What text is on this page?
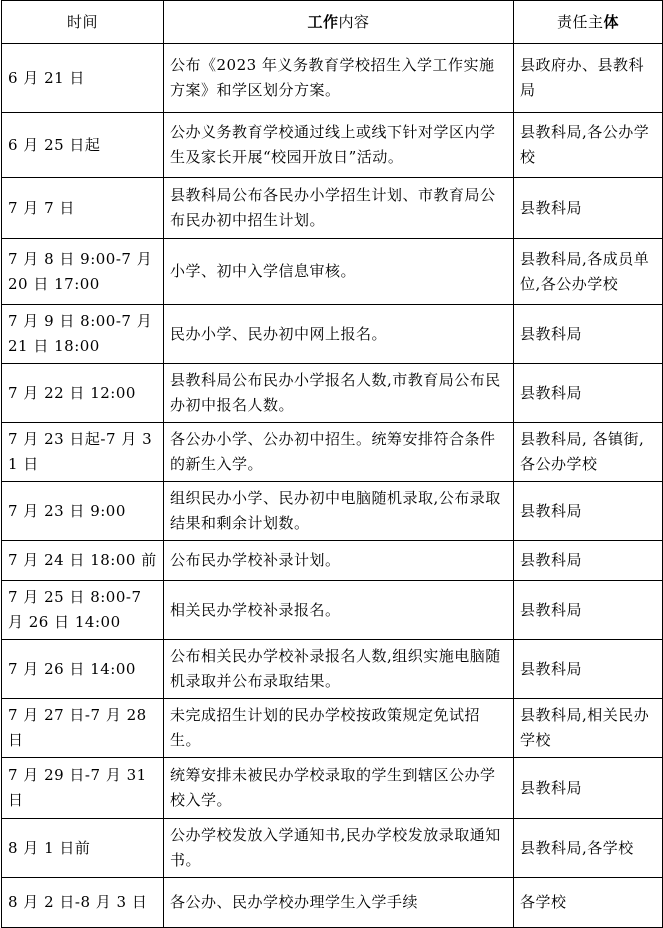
时间	工作内容	责任主体
6 月 21 日	公布《2023 年义务教育学校招生入学工作实施方案》和学区划分方案。	县政府办、县教科局
6 月 25 日起	公办义务教育学校通过线上或线下针对学区内学生及家长开展“校园开放日”活动。	县教科局,各公办学校
7 月 7 日	县教科局公布各民办小学招生计划、市教育局公布民办初中招生计划。	县教科局
7 月 8 日 9:00-7 月 20 日 17:00	小学、初中入学信息审核。	县教科局,各成员单位,各公办学校
7 月 9 日 8:00-7 月 21 日 18:00	民办小学、民办初中网上报名。	县教科局
7 月 22 日 12:00	县教科局公布民办小学报名人数,市教育局公布民办初中报名人数。	县教科局
7 月 23 日起-7 月 31 日	各公办小学、公办初中招生。统筹安排符合条件的新生入学。	县教科局, 各镇街, 各公办学校
7 月 23 日 9:00	组织民办小学、民办初中电脑随机录取,公布录取结果和剩余计划数。	县教科局
7 月 24 日 18:00 前	公布民办学校补录计划。	县教科局
7 月 25 日 8:00-7 月 26 日 14:00	相关民办学校补录报名。	县教科局
7 月 26 日 14:00	公布相关民办学校补录报名人数,组织实施电脑随机录取并公布录取结果。	县教科局
7 月 27 日-7 月 28 日	未完成招生计划的民办学校按政策规定免试招生。	县教科局,相关民办学校
7 月 29 日-7 月 31 日	统筹安排未被民办学校录取的学生到辖区公办学校入学。	县教科局
8 月 1 日前	公办学校发放入学通知书,民办学校发放录取通知书。	县教科局,各学校
8 月 2 日-8 月 3 日	各公办、民办学校办理学生入学手续	各学校
